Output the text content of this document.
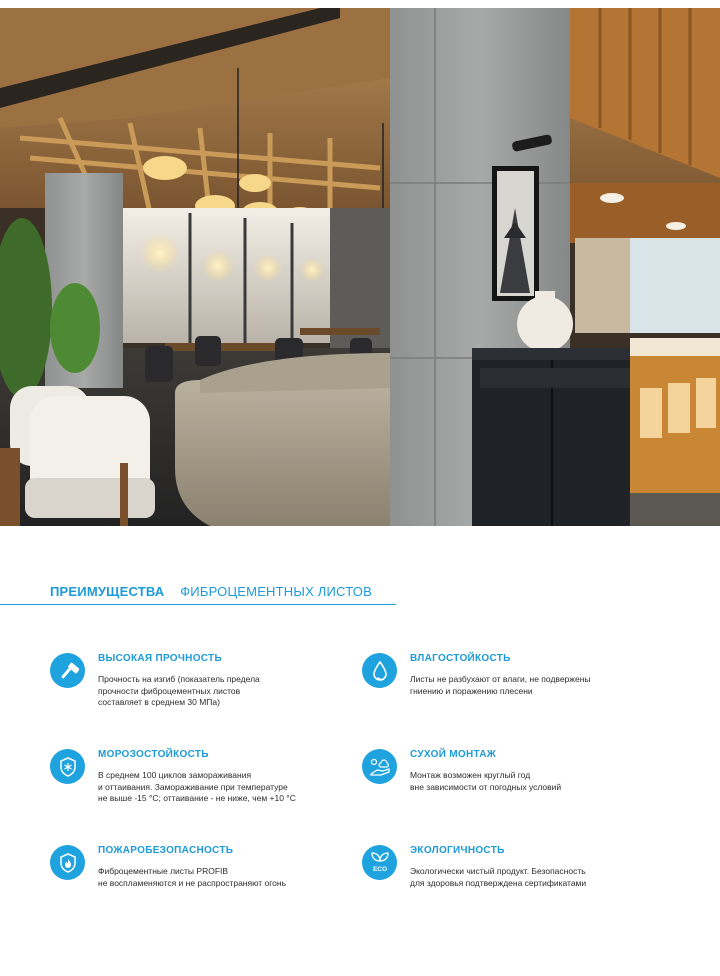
ПРЕИМУЩЕСТВА ФИБРОЦЕМЕНТНЫХ ЛИСТОВ
ВЫСОКАЯ ПРОЧНОСТЬ
Прочность на изгиб (показатель предела
прочности фиброцементных листов
составляет в среднем 30 МПа)
ВЛАГОСТОЙКОСТЬ
Листы не разбухают от влаги, не подвержены
гниению и поражению плесени
МОРОЗОСТОЙКОСТЬ
В среднем 100 циклов замораживания
и оттаивания. Замораживание при температуре
не выше -15 °С; оттаивание - не ниже, чем +10 °С
СУХОЙ МОНТАЖ
Монтаж возможен круглый год
вне зависимости от погодных условий
ПОЖАРОБЕЗОПАСНОСТЬ
Фиброцементные листы PROFIB
не воспламеняются и не распространяют огонь
ECO
ЭКОЛОГИЧНОСТЬ
Экологически чистый продукт. Безопасность
для здоровья подтверждена сертификатами
